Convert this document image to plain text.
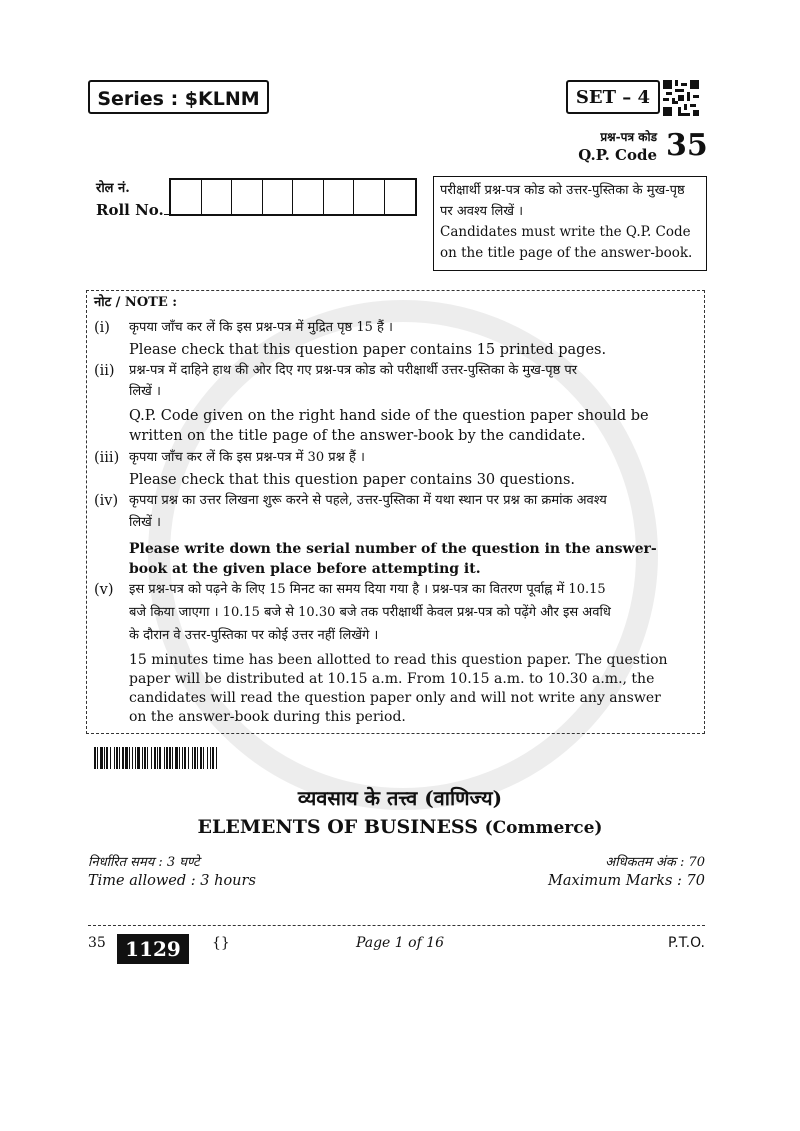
Series : $KLNM	SET – 4
प्रश्न-पत्र कोड
Q.P. Code 35
रोल नं.
Roll No.
परीक्षार्थी प्रश्न-पत्र कोड को उत्तर-पुस्तिका के मुख-पृष्ठ पर अवश्य लिखें ।
Candidates must write the Q.P. Code on the title page of the answer-book.
नोट / NOTE :
(i) कृपया जाँच कर लें कि इस प्रश्न-पत्र में मुद्रित पृष्ठ 15 हैं ।
Please check that this question paper contains 15 printed pages.
(ii) प्रश्न-पत्र में दाहिने हाथ की ओर दिए गए प्रश्न-पत्र कोड को परीक्षार्थी उत्तर-पुस्तिका के मुख-पृष्ठ पर
लिखें ।
Q.P. Code given on the right hand side of the question paper should be
written on the title page of the answer-book by the candidate.
(iii) कृपया जाँच कर लें कि इस प्रश्न-पत्र में 30 प्रश्न हैं ।
Please check that this question paper contains 30 questions.
(iv) कृपया प्रश्न का उत्तर लिखना शुरू करने से पहले, उत्तर-पुस्तिका में यथा स्थान पर प्रश्न का क्रमांक अवश्य
लिखें ।
Please write down the serial number of the question in the answer-
book at the given place before attempting it.
(v) इस प्रश्न-पत्र को पढ़ने के लिए 15 मिनट का समय दिया गया है । प्रश्न-पत्र का वितरण पूर्वाह्न में 10.15
बजे किया जाएगा । 10.15 बजे से 10.30 बजे तक परीक्षार्थी केवल प्रश्न-पत्र को पढ़ेंगे और इस अवधि
के दौरान वे उत्तर-पुस्तिका पर कोई उत्तर नहीं लिखेंगे ।
15 minutes time has been allotted to read this question paper. The question
paper will be distributed at 10.15 a.m. From 10.15 a.m. to 10.30 a.m., the
candidates will read the question paper only and will not write any answer
on the answer-book during this period.
व्यवसाय के तत्त्व (वाणिज्य)
ELEMENTS OF BUSINESS (Commerce)
निर्धारित समय : 3 घण्टे
Time allowed : 3 hours
अधिकतम अंक : 70
Maximum Marks : 70
35 1129	{}	Page 1 of 16	P.T.O.
